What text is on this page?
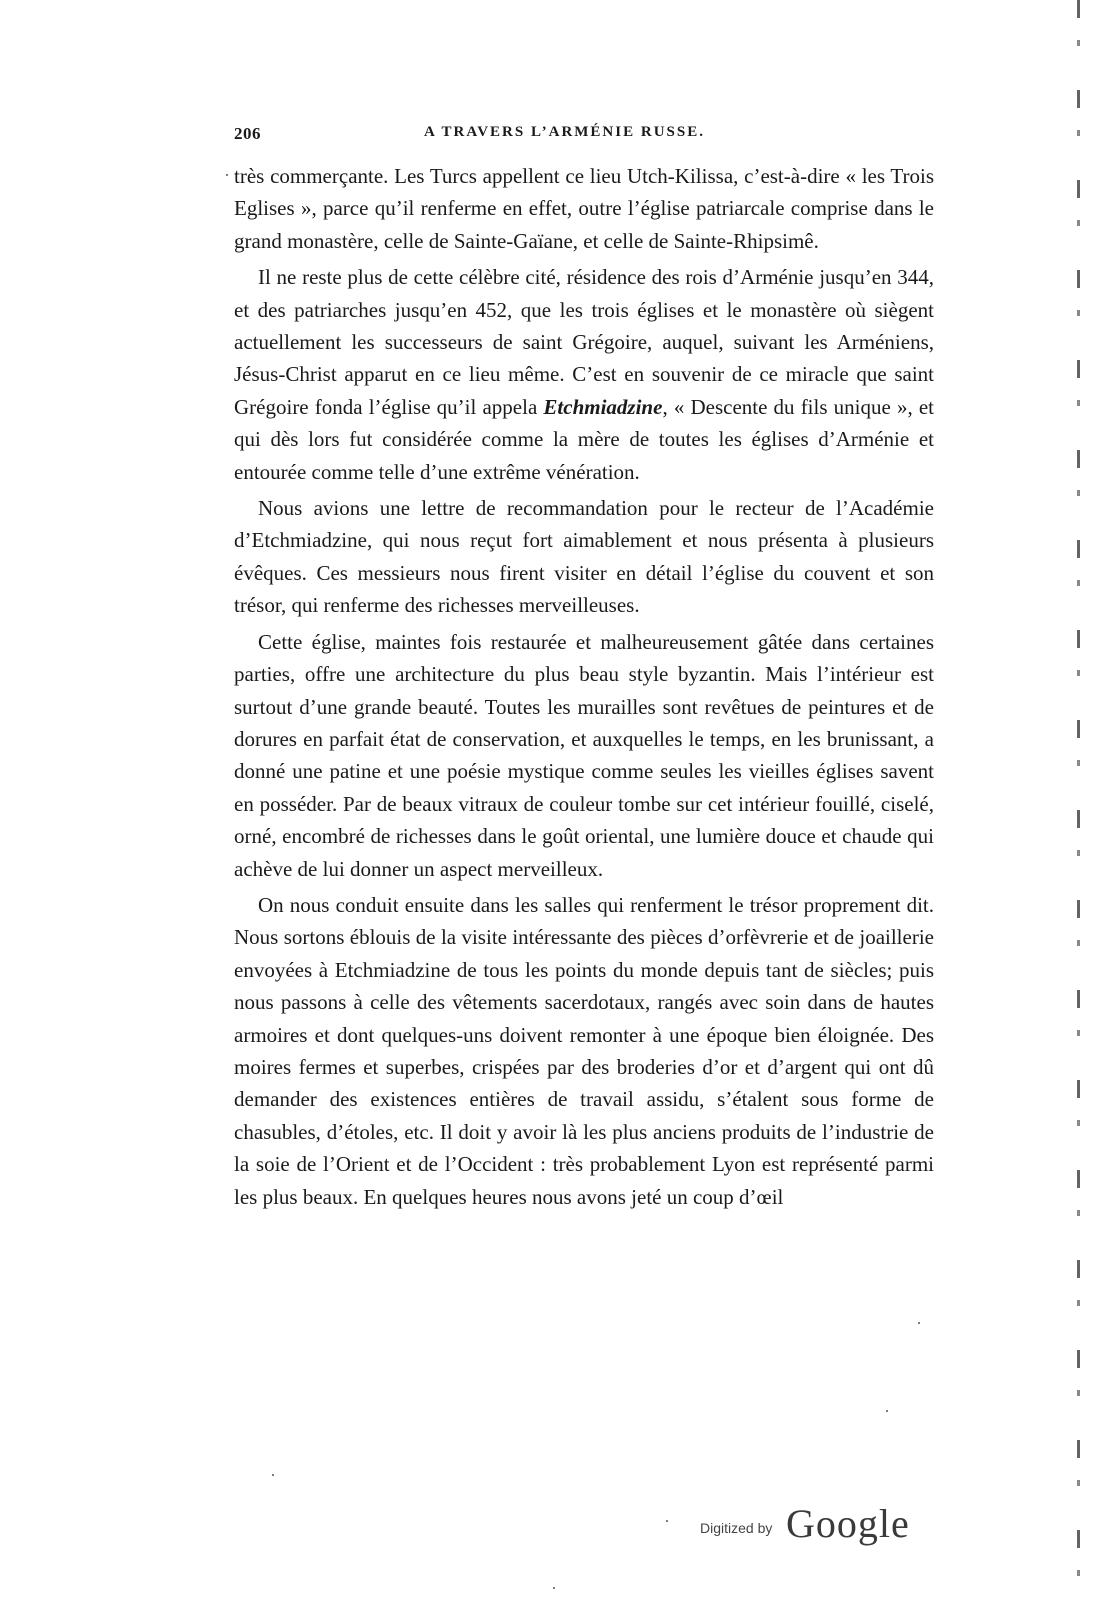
206	A TRAVERS L’ARMÉNIE RUSSE.

très commerçante. Les Turcs appellent ce lieu Utch-Kilissa, c’est-à-dire « les Trois Eglises », parce qu’il renferme en effet, outre l’église patriarcale comprise dans le grand monastère, celle de Sainte-Gaïane, et celle de Sainte-Rhipsimê.

Il ne reste plus de cette célèbre cité, résidence des rois d’Arménie jusqu’en 344, et des patriarches jusqu’en 452, que les trois églises et le monastère où siègent actuellement les successeurs de saint Grégoire, auquel, suivant les Arméniens, Jésus-Christ apparut en ce lieu même. C’est en souvenir de ce miracle que saint Grégoire fonda l’église qu’il appela Etchmiadzine, « Descente du fils unique », et qui dès lors fut considérée comme la mère de toutes les églises d’Arménie et entourée comme telle d’une extrême vénération.

Nous avions une lettre de recommandation pour le recteur de l’Académie d’Etchmiadzine, qui nous reçut fort aimablement et nous présenta à plusieurs évêques. Ces messieurs nous firent visiter en détail l’église du couvent et son trésor, qui renferme des richesses merveilleuses.

Cette église, maintes fois restaurée et malheureusement gâtée dans certaines parties, offre une architecture du plus beau style byzantin. Mais l’intérieur est surtout d’une grande beauté. Toutes les murailles sont revêtues de peintures et de dorures en parfait état de conservation, et auxquelles le temps, en les brunissant, a donné une patine et une poésie mystique comme seules les vieilles églises savent en posséder. Par de beaux vitraux de couleur tombe sur cet intérieur fouillé, ciselé, orné, encombré de richesses dans le goût oriental, une lumière douce et chaude qui achève de lui donner un aspect merveilleux.

On nous conduit ensuite dans les salles qui renferment le trésor proprement dit. Nous sortons éblouis de la visite intéressante des pièces d’orfèvrerie et de joaillerie envoyées à Etchmiadzine de tous les points du monde depuis tant de siècles; puis nous passons à celle des vêtements sacerdotaux, rangés avec soin dans de hautes armoires et dont quelques-uns doivent remonter à une époque bien éloignée. Des moires fermes et superbes, crispées par des broderies d’or et d’argent qui ont dû demander des existences entières de travail assidu, s’étalent sous forme de chasubles, d’étoles, etc. Il doit y avoir là les plus anciens produits de l’industrie de la soie de l’Orient et de l’Occident : très probablement Lyon est représenté parmi les plus beaux. En quelques heures nous avons jeté un coup d’œil

Digitized by Google
